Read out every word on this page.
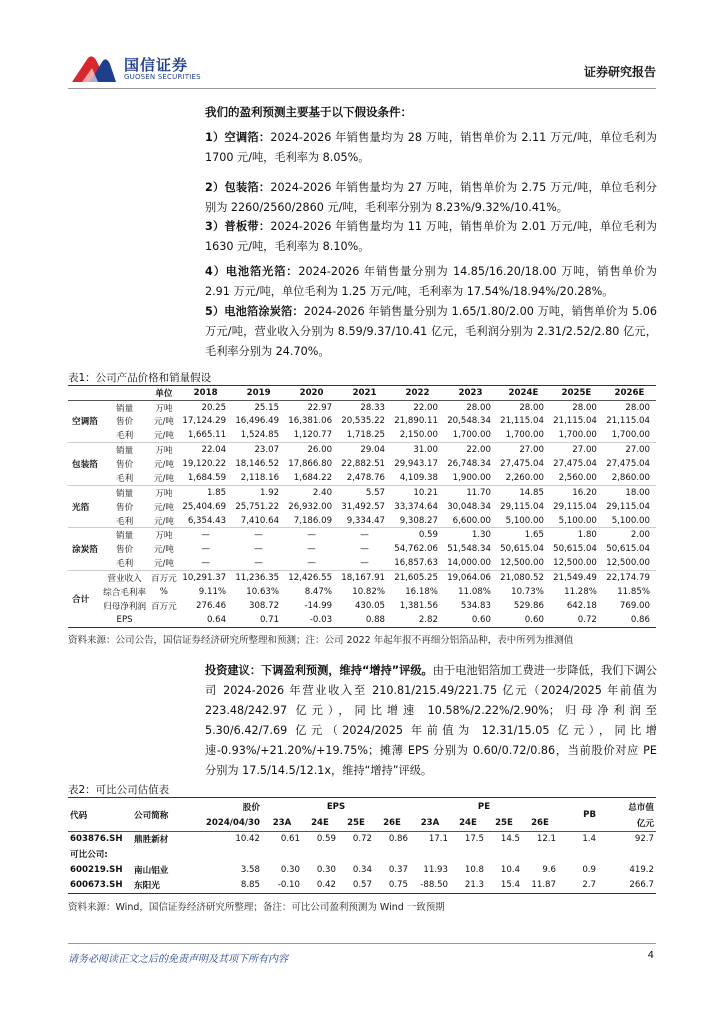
国信证券
GUOSEN SECURITIES	证券研究报告
我们的盈利预测主要基于以下假设条件：
1）空调箔：2024-2026 年销售量均为 28 万吨，销售单价为 2.11 万元/吨，单位毛利为 1700 元/吨，毛利率为 8.05%。
2）包装箔：2024-2026 年销售量均为 27 万吨，销售单价为 2.75 万元/吨，单位毛利分别为 2260/2560/2860 元/吨，毛利率分别为 8.23%/9.32%/10.41%。
3）普板带：2024-2026 年销售量均为 11 万吨，销售单价为 2.01 万元/吨，单位毛利为 1630 元/吨，毛利率为 8.10%。
4）电池箔光箔：2024-2026 年销售量分别为 14.85/16.20/18.00 万吨，销售单价为 2.91 万元/吨，单位毛利为 1.25 万元/吨，毛利率为 17.54%/18.94%/20.28%。
5）电池箔涂炭箔：2024-2026 年销售量分别为 1.65/1.80/2.00 万吨，销售单价为 5.06 万元/吨，营业收入分别为 8.59/9.37/10.41 亿元，毛利润分别为 2.31/2.52/2.80 亿元，毛利率分别为 24.70%。
表1：公司产品价格和销量假设
		单位	2018	2019	2020	2021	2022	2023	2024E	2025E	2026E
空调箔	销量	万吨	20.25	25.15	22.97	28.33	22.00	28.00	28.00	28.00	28.00
	售价	元/吨	17,124.29	16,496.49	16,381.06	20,535.22	21,890.11	20,548.34	21,115.04	21,115.04	21,115.04
	毛利	元/吨	1,665.11	1,524.85	1,120.77	1,718.25	2,150.00	1,700.00	1,700.00	1,700.00	1,700.00
包装箔	销量	万吨	22.04	23.07	26.00	29.04	31.00	22.00	27.00	27.00	27.00
	售价	元/吨	19,120.22	18,146.52	17,866.80	22,882.51	29,943.17	26,748.34	27,475.04	27,475.04	27,475.04
	毛利	元/吨	1,684.59	2,118.16	1,684.22	2,478.76	4,109.38	1,900.00	2,260.00	2,560.00	2,860.00
光箔	销量	万吨	1.85	1.92	2.40	5.57	10.21	11.70	14.85	16.20	18.00
	售价	元/吨	25,404.69	25,751.22	26,932.00	31,492.57	33,374.64	30,048.34	29,115.04	29,115.04	29,115.04
	毛利	元/吨	6,354.43	7,410.64	7,186.09	9,334.47	9,308.27	6,600.00	5,100.00	5,100.00	5,100.00
涂炭箔	销量	万吨	—	—	—	—	0.59	1.30	1.65	1.80	2.00
	售价	元/吨	—	—	—	—	54,762.06	51,548.34	50,615.04	50,615.04	50,615.04
	毛利	元/吨	—	—	—	—	16,857.63	14,000.00	12,500.00	12,500.00	12,500.00
合计	营业收入	百万元	10,291.37	11,236.35	12,426.55	18,167.91	21,605.25	19,064.06	21,080.52	21,549.49	22,174.79
	综合毛利率	%	9.11%	10.63%	8.47%	10.82%	16.18%	11.08%	10.73%	11.28%	11.85%
	归母净利润	百万元	276.46	308.72	-14.99	430.05	1,381.56	534.83	529.86	642.18	769.00
	EPS		0.64	0.71	-0.03	0.88	2.82	0.60	0.60	0.72	0.86
资料来源：公司公告，国信证券经济研究所整理和预测；注：公司 2022 年起年报不再细分铝箔品种，表中所列为推测值
投资建议：下调盈利预测，维持“增持”评级。由于电池铝箔加工费进一步降低，我们下调公司 2024-2026 年营业收入至 210.81/215.49/221.75 亿元（2024/2025 年前值为 223.48/242.97 亿元），同比增速 10.58%/2.22%/2.90%；归母净利润至 5.30/6.42/7.69 亿元（2024/2025 年前值为 12.31/15.05 亿元），同比增速-0.93%/+21.20%/+19.75%；摊薄 EPS 分别为 0.60/0.72/0.86，当前股价对应 PE 分别为 17.5/14.5/12.1x，维持“增持”评级。
表2：可比公司估值表
代码	公司简称	股价	EPS				PE				PB	总市值
		2024/04/30	23A	24E	25E	26E	23A	24E	25E	26E		亿元
603876.SH	鼎胜新材	10.42	0.61	0.59	0.72	0.86	17.1	17.5	14.5	12.1	1.4	92.7
可比公司:												
600219.SH	南山铝业	3.58	0.30	0.30	0.34	0.37	11.93	10.8	10.4	9.6	0.9	419.2
600673.SH	东阳光	8.85	-0.10	0.42	0.57	0.75	-88.50	21.3	15.4	11.87	2.7	266.7
资料来源：Wind，国信证券经济研究所整理；备注：可比公司盈利预测为 Wind 一致预期
请务必阅读正文之后的免责声明及其项下所有内容	4
